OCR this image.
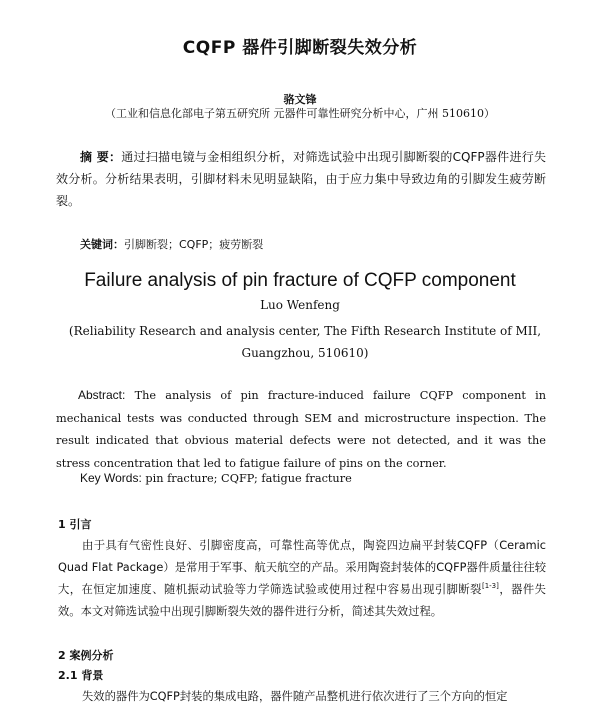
CQFP 器件引脚断裂失效分析
骆文锋
（工业和信息化部电子第五研究所 元器件可靠性研究分析中心，广州 510610）
摘 要：通过扫描电镜与金相组织分析，对筛选试验中出现引脚断裂的CQFP器件进行失效分析。分析结果表明，引脚材料未见明显缺陷，由于应力集中导致边角的引脚发生疲劳断裂。
关键词：引脚断裂；CQFP；疲劳断裂
Failure analysis of pin fracture of CQFP component
Luo Wenfeng
(Reliability Research and analysis center, The Fifth Research Institute of MII, Guangzhou, 510610)
Abstract: The analysis of pin fracture-induced failure CQFP component in mechanical tests was conducted through SEM and microstructure inspection. The result indicated that obvious material defects were not detected, and it was the stress concentration that led to fatigue failure of pins on the corner.
Key Words: pin fracture; CQFP; fatigue fracture
1 引言
由于具有气密性良好、引脚密度高，可靠性高等优点，陶瓷四边扁平封装CQFP（Ceramic Quad Flat Package）是常用于军事、航天航空的产品。采用陶瓷封装体的CQFP器件质量往往较大，在恒定加速度、随机振动试验等力学筛选试验或使用过程中容易出现引脚断裂[1-3]，器件失效。本文对筛选试验中出现引脚断裂失效的器件进行分析，简述其失效过程。
2 案例分析
2.1 背景
失效的器件为CQFP封装的集成电路，器件随产品整机进行依次进行了三个方向的恒定
